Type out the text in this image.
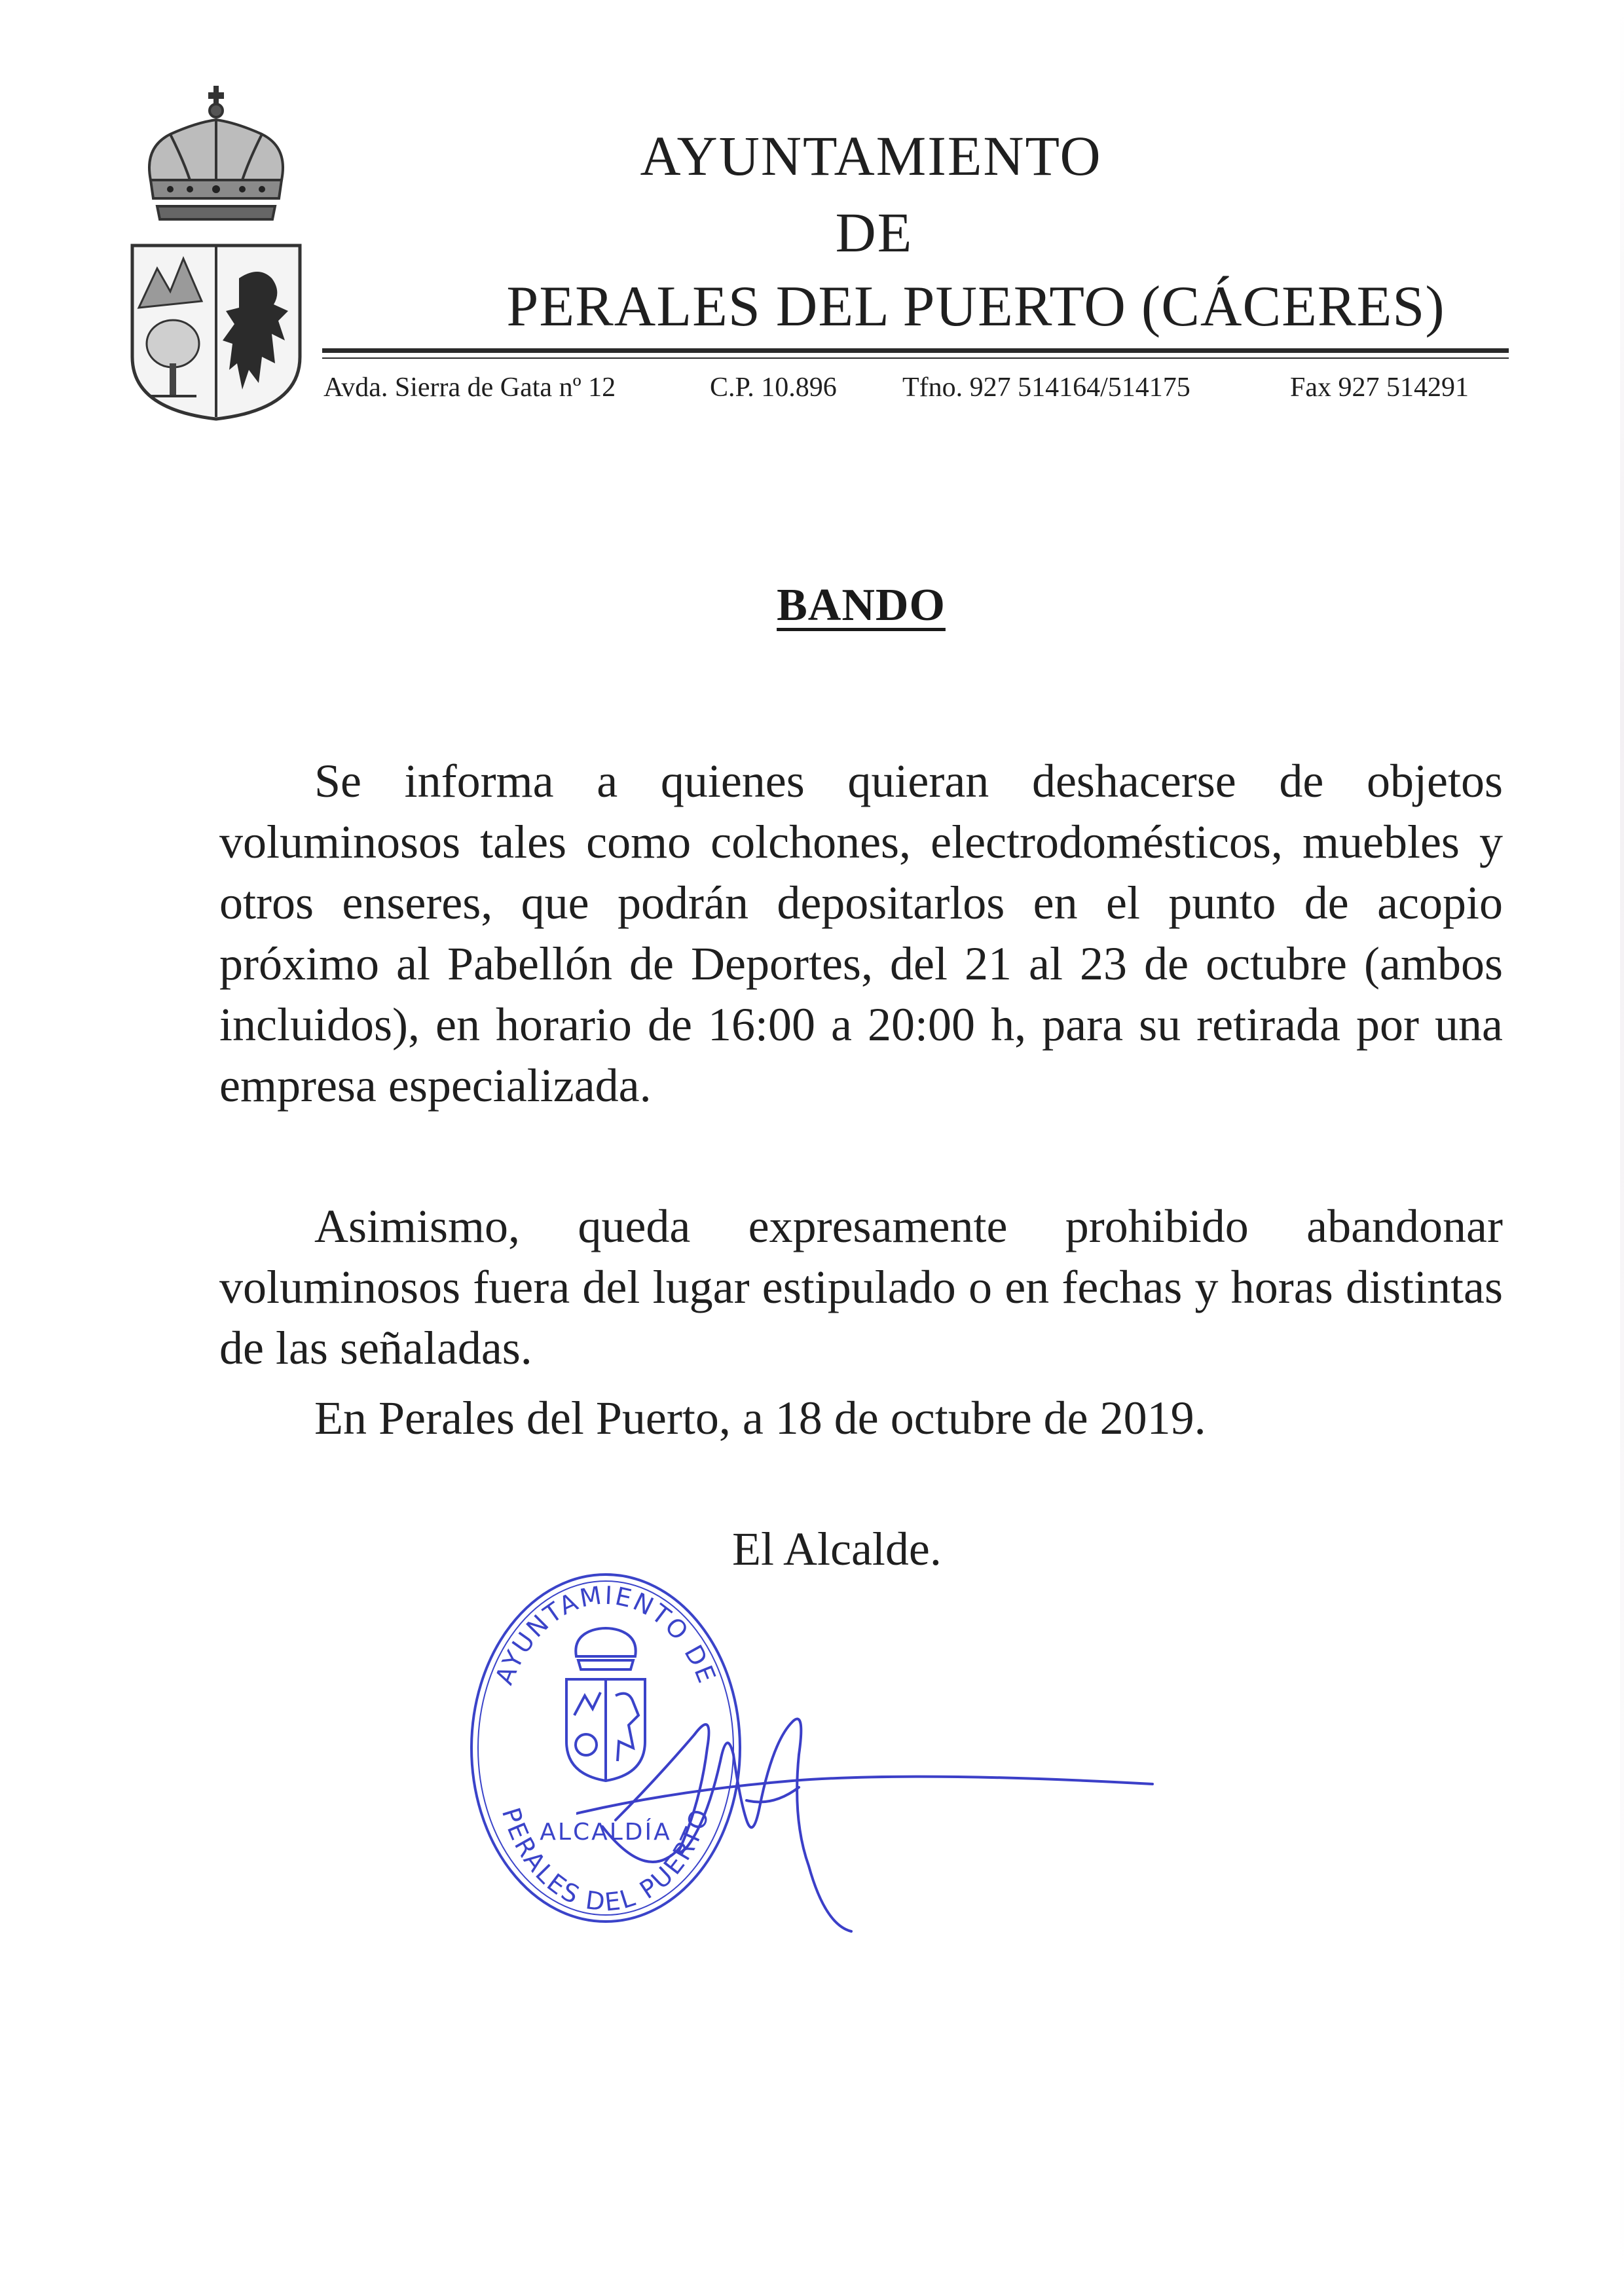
AYUNTAMIENTO
DE
PERALES DEL PUERTO (CÁCERES)
Avda. Sierra de Gata nº 12	C.P. 10.896 Tfno. 927 514164/514175	Fax 927 514291
BANDO

Se informa a quienes quieran deshacerse de objetos voluminosos tales como colchones, electrodomésticos, muebles y otros enseres, que podrán depositarlos en el punto de acopio próximo al Pabellón de Deportes, del 21 al 23 de octubre (ambos incluidos), en horario de 16:00 a 20:00 h, para su retirada por una empresa especializada.

Asimismo, queda expresamente prohibido abandonar voluminosos fuera del lugar estipulado o en fechas y horas distintas de las señaladas.

En Perales del Puerto, a 18 de octubre de 2019.
El Alcalde.
AYUNTAMIENTO DE
ALCALDÍA
PERALES DEL PUERTO
